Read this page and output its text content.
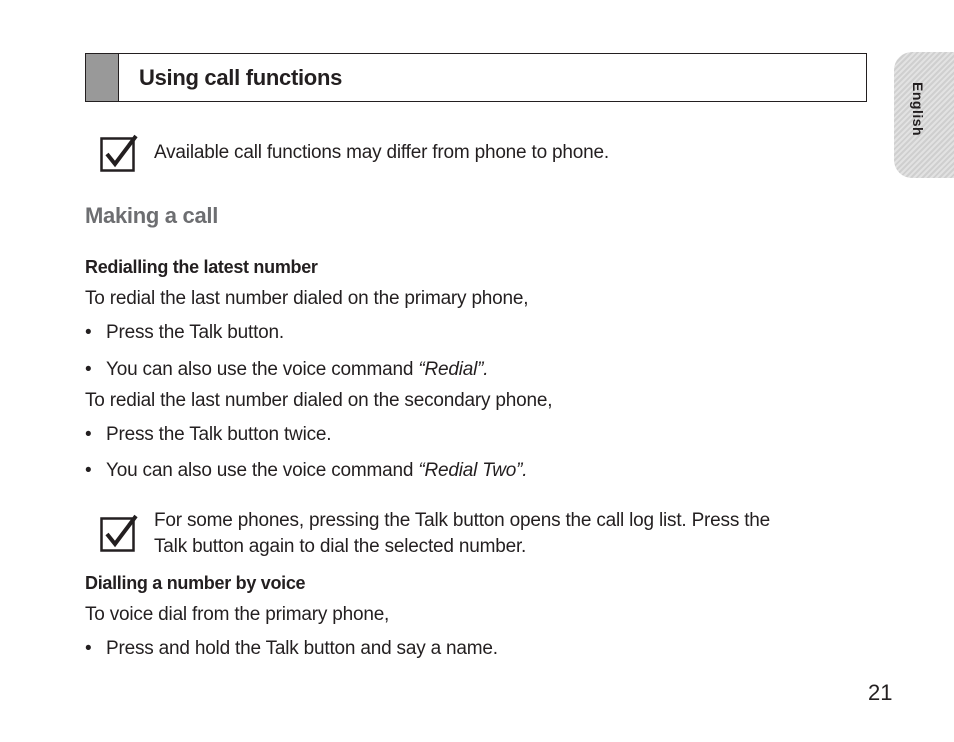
Using call functions
English
Available call functions may differ from phone to phone.
Making a call
Redialling the latest number
To redial the last number dialed on the primary phone,
• Press the Talk button.
• You can also use the voice command “Redial”.
To redial the last number dialed on the secondary phone,
• Press the Talk button twice.
• You can also use the voice command “Redial Two”.
For some phones, pressing the Talk button opens the call log list. Press the
Talk button again to dial the selected number.
Dialling a number by voice
To voice dial from the primary phone,
• Press and hold the Talk button and say a name.
21
